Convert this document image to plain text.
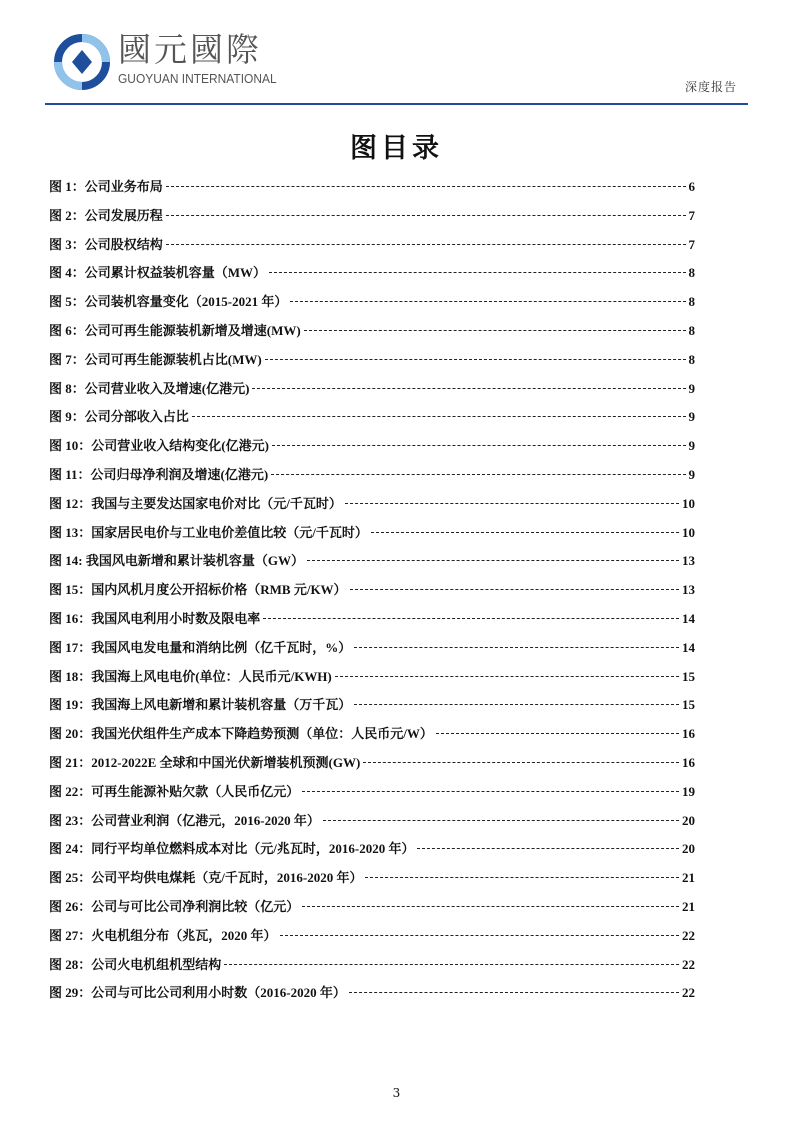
國元國際
GUOYUAN INTERNATIONAL
深度报告
图目录
图 1：公司业务布局	6
图 2：公司发展历程	7
图 3：公司股权结构	7
图 4：公司累计权益装机容量（MW）	8
图 5：公司装机容量变化（2015-2021 年）	8
图 6：公司可再生能源装机新增及增速(MW)	8
图 7：公司可再生能源装机占比(MW)	8
图 8：公司营业收入及增速(亿港元)	9
图 9：公司分部收入占比	9
图 10：公司营业收入结构变化(亿港元)	9
图 11：公司归母净利润及增速(亿港元)	9
图 12：我国与主要发达国家电价对比（元/千瓦时）	10
图 13：国家居民电价与工业电价差值比较（元/千瓦时）	10
图 14: 我国风电新增和累计装机容量（GW）	13
图 15：国内风机月度公开招标价格（RMB 元/KW）	13
图 16：我国风电利用小时数及限电率	14
图 17：我国风电发电量和消纳比例（亿千瓦时，%）	14
图 18：我国海上风电电价(单位：人民币元/KWH)	15
图 19：我国海上风电新增和累计装机容量（万千瓦）	15
图 20：我国光伏组件生产成本下降趋势预测（单位：人民币元/W）	16
图 21：2012-2022E 全球和中国光伏新增装机预测(GW)	16
图 22：可再生能源补贴欠款（人民币亿元）	19
图 23：公司营业利润（亿港元，2016-2020 年）	20
图 24：同行平均单位燃料成本对比（元/兆瓦时，2016-2020 年）	20
图 25：公司平均供电煤耗（克/千瓦时，2016-2020 年）	21
图 26：公司与可比公司净利润比较（亿元）	21
图 27：火电机组分布（兆瓦，2020 年）	22
图 28：公司火电机组机型结构	22
图 29：公司与可比公司利用小时数（2016-2020 年）	22
3
